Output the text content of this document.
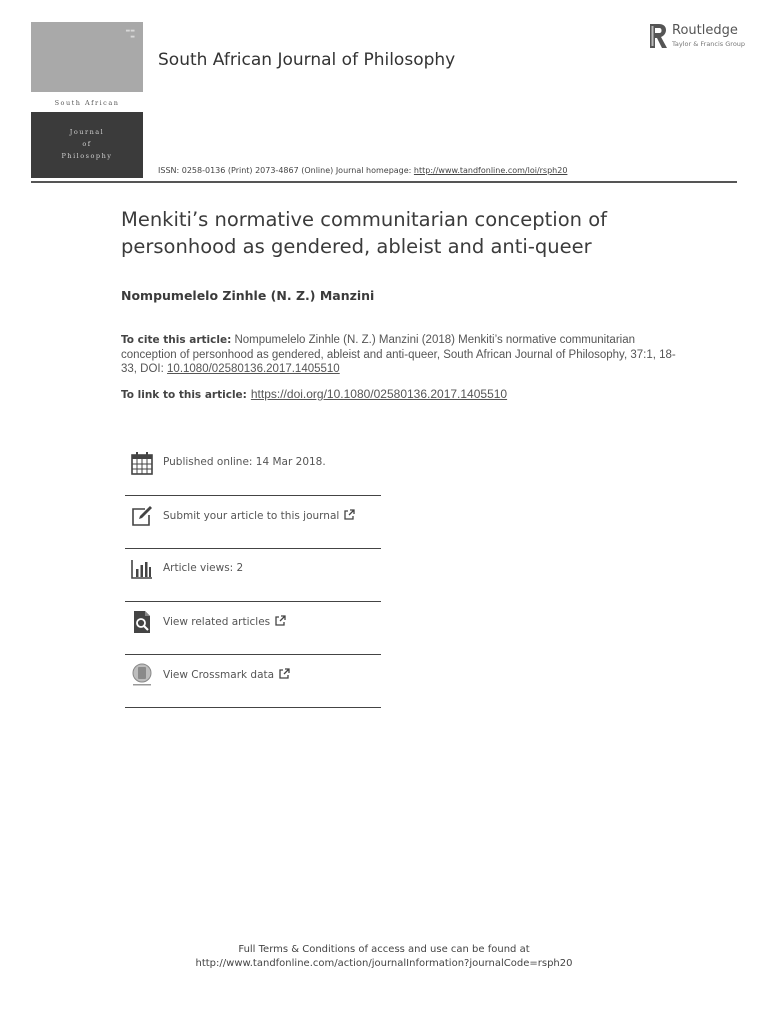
▬▬
▬
South African
Journal
of
Philosophy
South African Journal of Philosophy
Routledge
Taylor & Francis Group
ISSN: 0258-0136 (Print) 2073-4867 (Online) Journal homepage: http://www.tandfonline.com/loi/rsph20
Menkiti’s normative communitarian conception of personhood as gendered, ableist and anti-queer
Nompumelelo Zinhle (N. Z.) Manzini
To cite this article: Nompumelelo Zinhle (N. Z.) Manzini (2018) Menkiti’s normative communitarian conception of personhood as gendered, ableist and anti-queer, South African Journal of Philosophy, 37:1, 18-33, DOI: 10.1080/02580136.2017.1405510
To link to this article: https://doi.org/10.1080/02580136.2017.1405510
Published online: 14 Mar 2018.
Submit your article to this journal
Article views: 2
View related articles
View Crossmark data
Full Terms & Conditions of access and use can be found at
http://www.tandfonline.com/action/journalInformation?journalCode=rsph20
